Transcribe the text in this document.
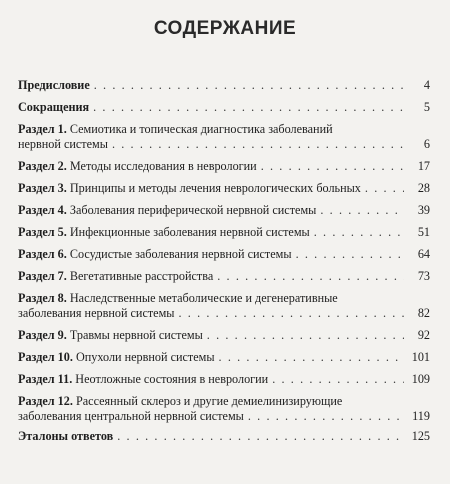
СОДЕРЖАНИЕ
Предисловие . . .	4
Сокращения . . .	5
Раздел 1. Семиотика и топическая диагностика заболеваний
нервной системы . . .	6
Раздел 2. Методы исследования в неврологии . . .	17
Раздел 3. Принципы и методы лечения неврологических больных . . .	28
Раздел 4. Заболевания периферической нервной системы . . .	39
Раздел 5. Инфекционные заболевания нервной системы . . .	51
Раздел 6. Сосудистые заболевания нервной системы . . .	64
Раздел 7. Вегетативные расстройства . . .	73
Раздел 8. Наследственные метаболические и дегенеративные
заболевания нервной системы . . .	82
Раздел 9. Травмы нервной системы . . .	92
Раздел 10. Опухоли нервной системы . . .	101
Раздел 11. Неотложные состояния в неврологии . . .	109
Раздел 12. Рассеянный склероз и другие демиелинизирующие
заболевания центральной нервной системы . . .	119
Эталоны ответов . . .	125
